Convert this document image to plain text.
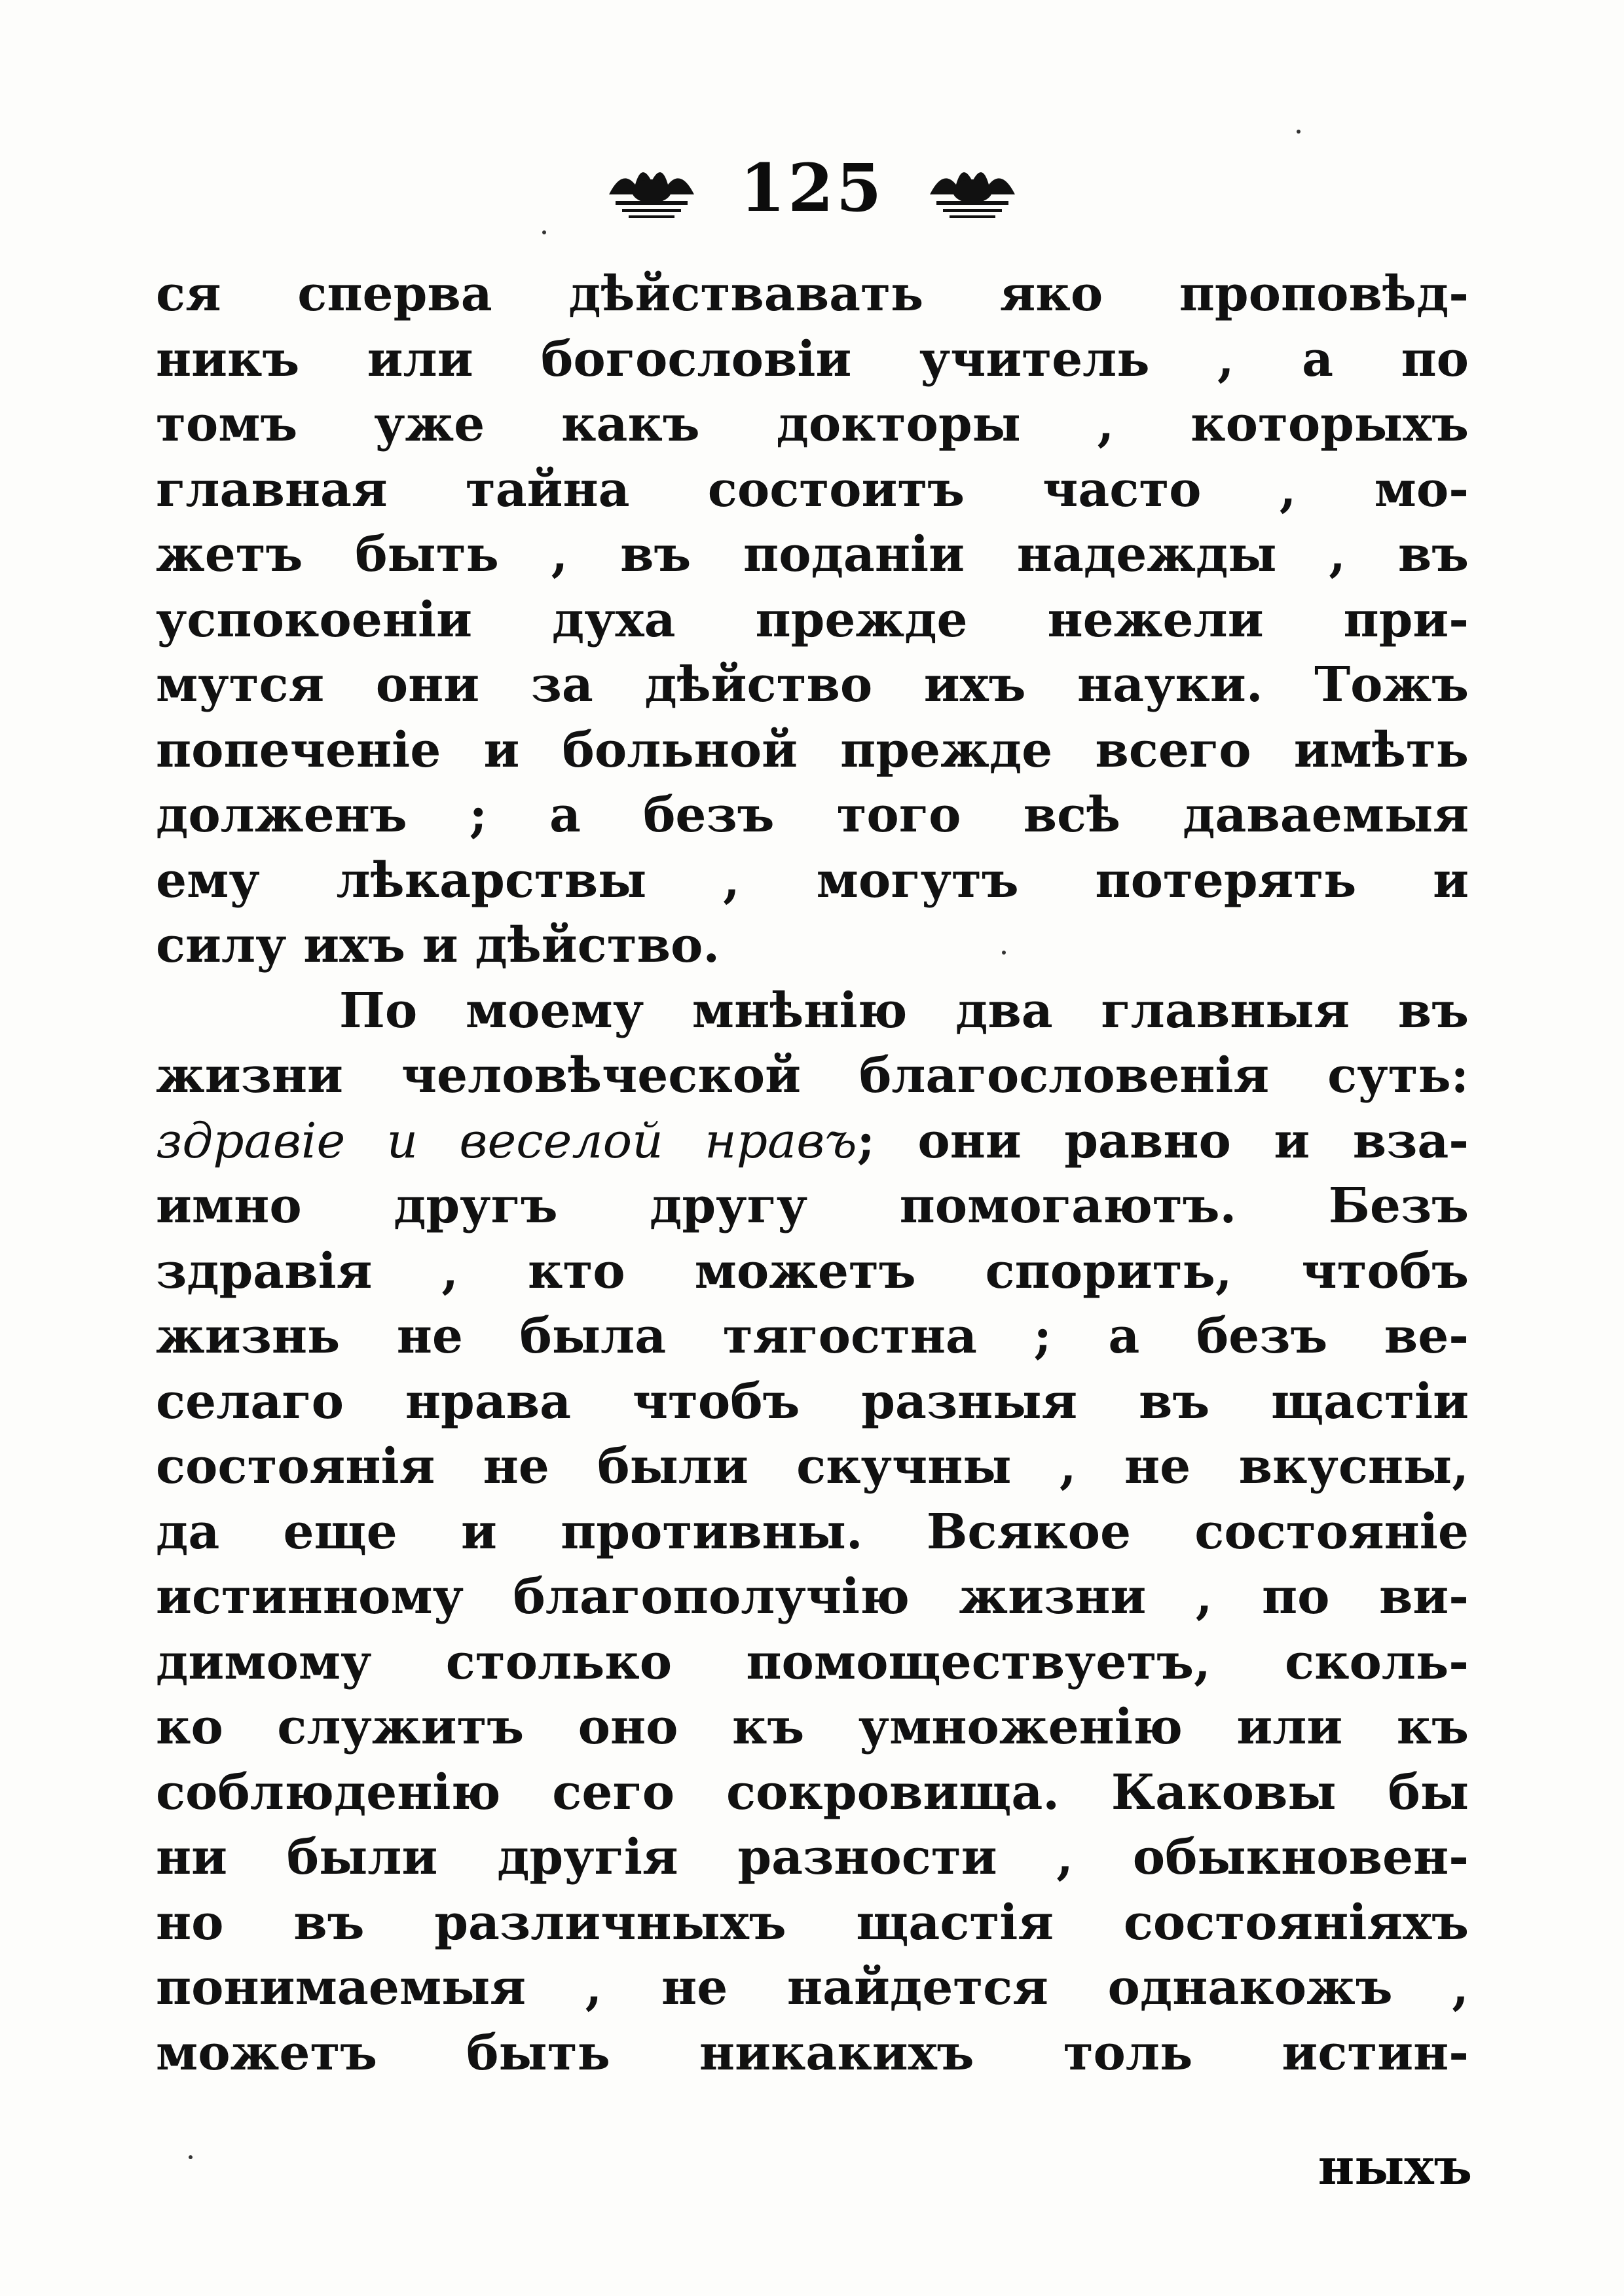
125
ся сперва дѣйствавать яко проповѣд-
никъ или богословіи учитель , а по
томъ уже какъ докторы , которыхъ
главная тайна состоитъ часто , мо-
жетъ быть , въ поданіи надежды , въ
успокоеніи духа прежде нежели при-
мутся они за дѣйство ихъ науки. Тожъ
попеченіе и больной прежде всего имѣть
долженъ ; а безъ того всѣ даваемыя
ему лѣкарствы , могутъ потерять и
силу ихъ и дѣйство.
По моему мнѣнію два главныя въ
жизни человѣческой благословенія суть:
здравіе и веселой нравъ; они равно и вза-
имно другъ другу помогаютъ. Безъ
здравія , кто можетъ спорить, чтобъ
жизнь не была тягостна ; а безъ ве-
селаго нрава чтобъ разныя въ щастіи
состоянія не были скучны , не вкусны,
да еще и противны. Всякое состояніе
истинному благополучію жизни , по ви-
димому столько помоществуетъ, сколь-
ко служитъ оно къ умноженію или къ
соблюденію сего сокровища. Каковы бы
ни были другія разности , обыкновен-
но въ различныхъ щастія состояніяхъ
понимаемыя , не найдется однакожъ ,
можетъ быть никакихъ толь истин-
ныхъ
